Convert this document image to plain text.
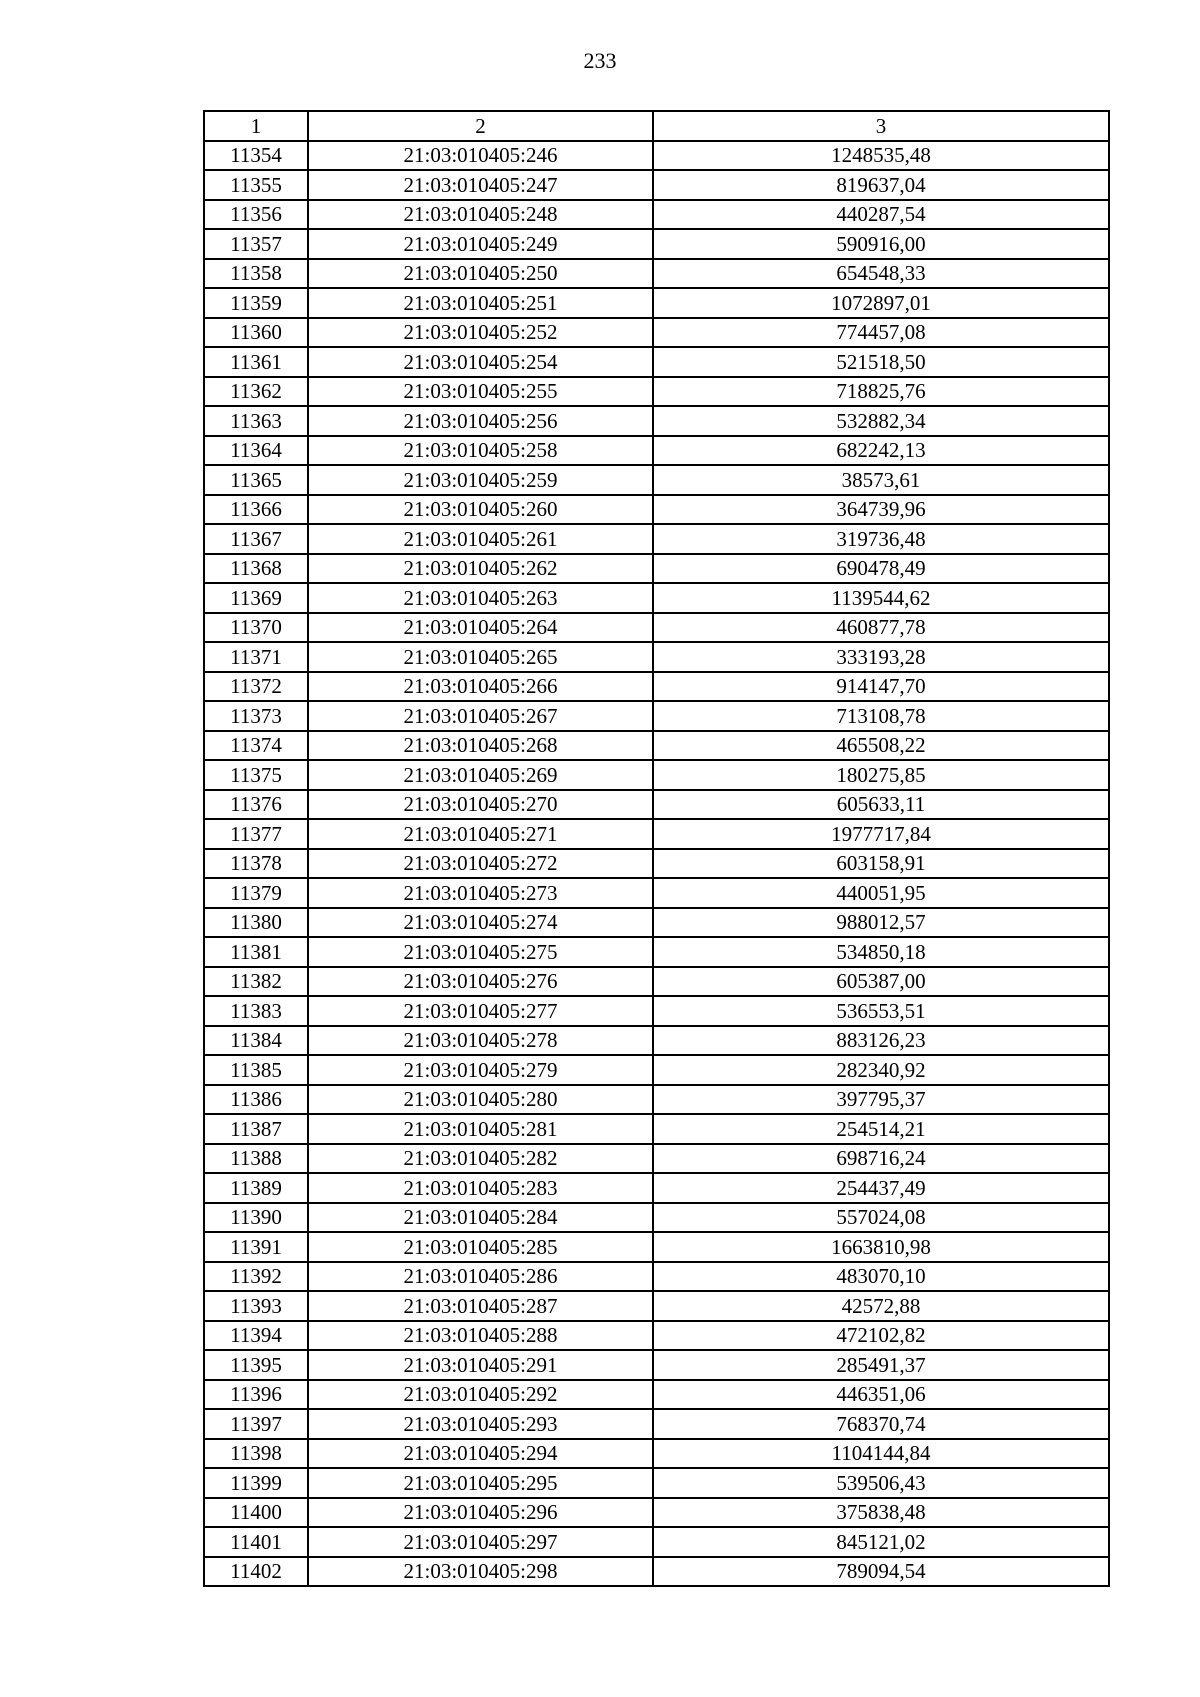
233
1	2	3
11354	21:03:010405:246	1248535,48
11355	21:03:010405:247	819637,04
11356	21:03:010405:248	440287,54
11357	21:03:010405:249	590916,00
11358	21:03:010405:250	654548,33
11359	21:03:010405:251	1072897,01
11360	21:03:010405:252	774457,08
11361	21:03:010405:254	521518,50
11362	21:03:010405:255	718825,76
11363	21:03:010405:256	532882,34
11364	21:03:010405:258	682242,13
11365	21:03:010405:259	38573,61
11366	21:03:010405:260	364739,96
11367	21:03:010405:261	319736,48
11368	21:03:010405:262	690478,49
11369	21:03:010405:263	1139544,62
11370	21:03:010405:264	460877,78
11371	21:03:010405:265	333193,28
11372	21:03:010405:266	914147,70
11373	21:03:010405:267	713108,78
11374	21:03:010405:268	465508,22
11375	21:03:010405:269	180275,85
11376	21:03:010405:270	605633,11
11377	21:03:010405:271	1977717,84
11378	21:03:010405:272	603158,91
11379	21:03:010405:273	440051,95
11380	21:03:010405:274	988012,57
11381	21:03:010405:275	534850,18
11382	21:03:010405:276	605387,00
11383	21:03:010405:277	536553,51
11384	21:03:010405:278	883126,23
11385	21:03:010405:279	282340,92
11386	21:03:010405:280	397795,37
11387	21:03:010405:281	254514,21
11388	21:03:010405:282	698716,24
11389	21:03:010405:283	254437,49
11390	21:03:010405:284	557024,08
11391	21:03:010405:285	1663810,98
11392	21:03:010405:286	483070,10
11393	21:03:010405:287	42572,88
11394	21:03:010405:288	472102,82
11395	21:03:010405:291	285491,37
11396	21:03:010405:292	446351,06
11397	21:03:010405:293	768370,74
11398	21:03:010405:294	1104144,84
11399	21:03:010405:295	539506,43
11400	21:03:010405:296	375838,48
11401	21:03:010405:297	845121,02
11402	21:03:010405:298	789094,54
